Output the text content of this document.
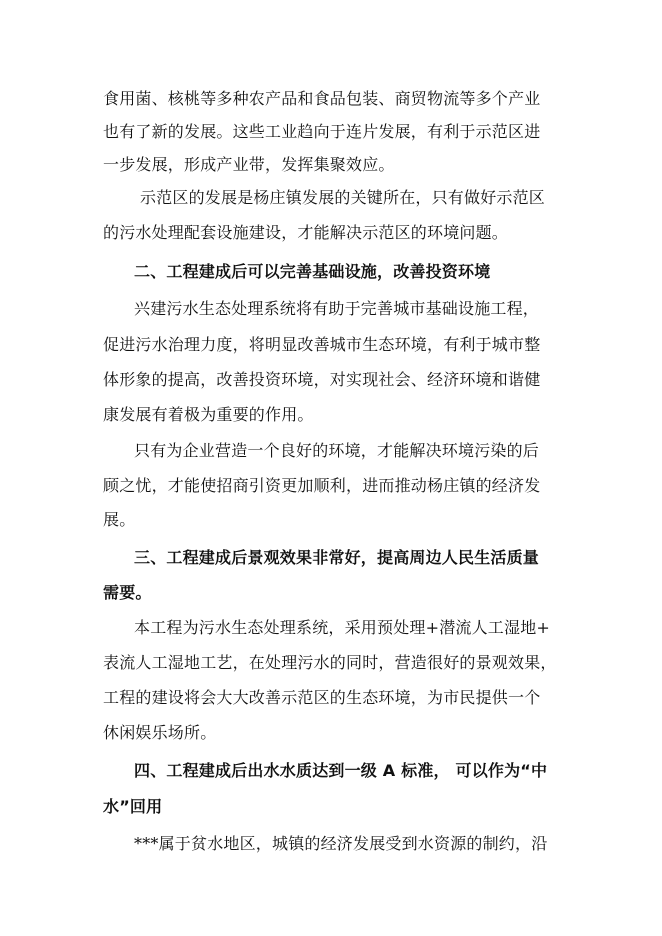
食用菌、核桃等多种农产品和食品包装、商贸物流等多个产业
也有了新的发展。这些工业趋向于连片发展，有利于示范区进
一步发展，形成产业带，发挥集聚效应。
示范区的发展是杨庄镇发展的关键所在，只有做好示范区
的污水处理配套设施建设，才能解决示范区的环境问题。
二、工程建成后可以完善基础设施，改善投资环境
兴建污水生态处理系统将有助于完善城市基础设施工程，
促进污水治理力度，将明显改善城市生态环境，有利于城市整
体形象的提高，改善投资环境，对实现社会、经济环境和谐健
康发展有着极为重要的作用。
只有为企业营造一个良好的环境，才能解决环境污染的后
顾之忧，才能使招商引资更加顺利，进而推动杨庄镇的经济发
展。
三、工程建成后景观效果非常好，提高周边人民生活质量
需要。
本工程为污水生态处理系统，采用预处理+潜流人工湿地+
表流人工湿地工艺，在处理污水的同时，营造很好的景观效果，
工程的建设将会大大改善示范区的生态环境，为市民提供一个
休闲娱乐场所。
四、工程建成后出水水质达到一级 A 标准， 可以作为“中
水”回用
***属于贫水地区，城镇的经济发展受到水资源的制约，沿
